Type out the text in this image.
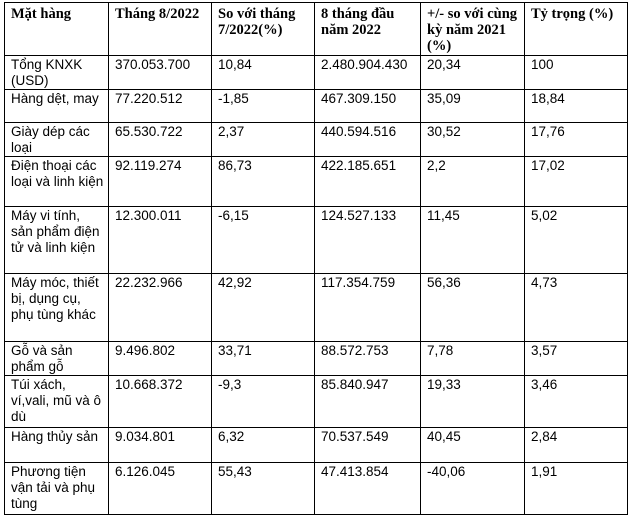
Mặt hàng	Tháng 8/2022	So với tháng 7/2022(%)	8 tháng đầu năm 2022	+/- so với cùng kỳ năm 2021 (%)	Tỷ trọng (%)
Tổng KNXK (USD)	370.053.700	10,84	2.480.904.430	20,34	100
Hàng dệt, may	77.220.512	-1,85	467.309.150	35,09	18,84
Giày dép các loại	65.530.722	2,37	440.594.516	30,52	17,76
Điện thoại các loại và linh kiện	92.119.274	86,73	422.185.651	2,2	17,02
Máy vi tính, sản phẩm điện tử và linh kiện	12.300.011	-6,15	124.527.133	11,45	5,02
Máy móc, thiết bị, dụng cụ, phụ tùng khác	22.232.966	42,92	117.354.759	56,36	4,73
Gỗ và sản phẩm gỗ	9.496.802	33,71	88.572.753	7,78	3,57
Túi xách, ví,vali, mũ và ô dù	10.668.372	-9,3	85.840.947	19,33	3,46
Hàng thủy sản	9.034.801	6,32	70.537.549	40,45	2,84
Phương tiện vận tải và phụ tùng	6.126.045	55,43	47.413.854	-40,06	1,91
